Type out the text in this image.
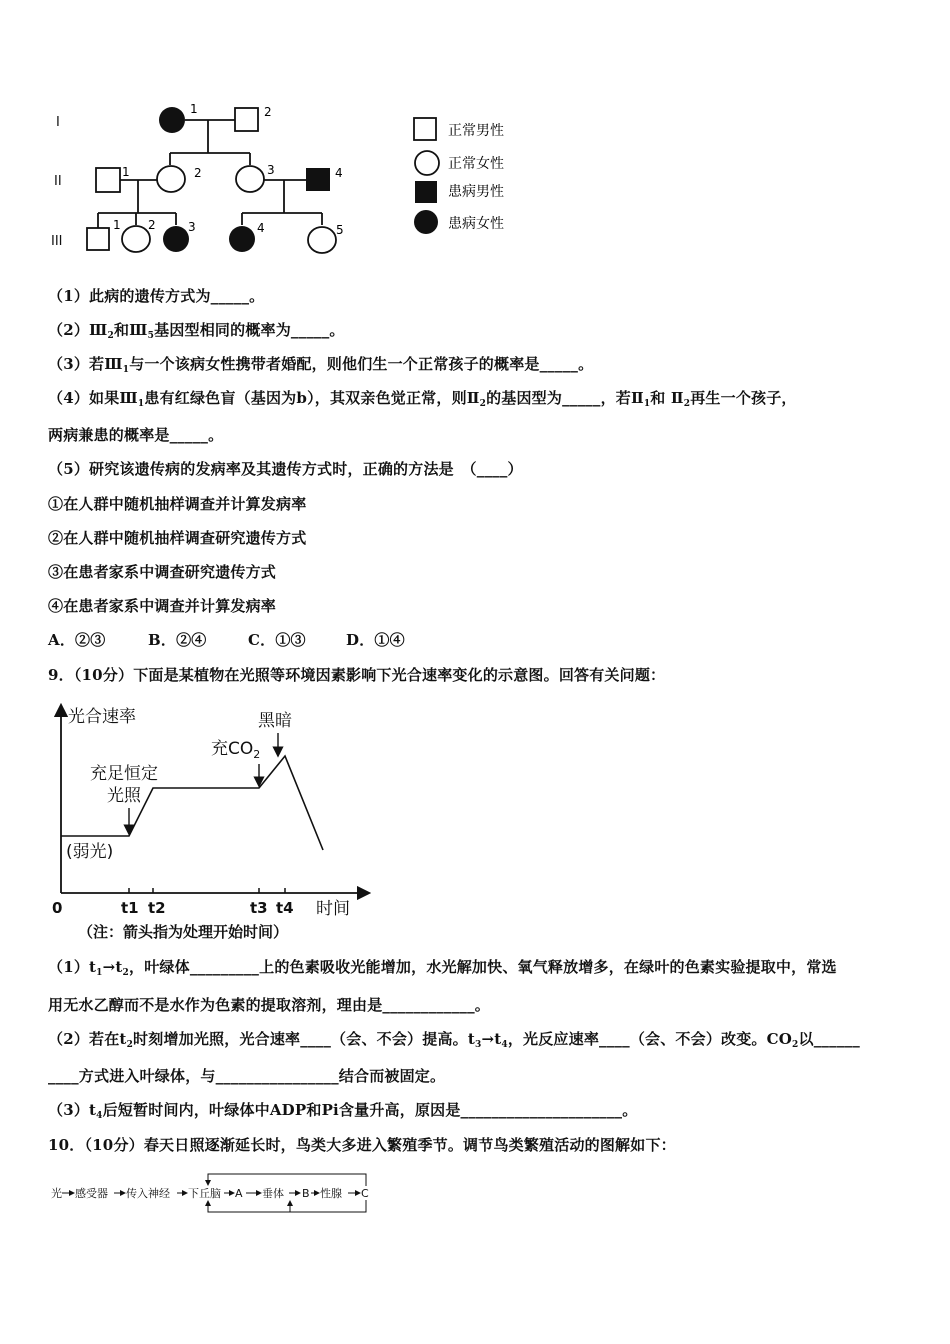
I
II
III
1	2
1	2	3	4
1 2	3	4	5
正常男性
正常女性
患病男性
患病女性
（1）此病的遗传方式为_____。
$(2)Ⅲ_2$和$Ⅲ_5$基因型相同的概率为_____。
（3）若$Ⅲ_1$与一个该病女性携带者婚配，则他们生一个正常孩子的概率是_____。
（4）如果$Ⅲ_1$患有红绿色盲（基因为b），其双亲色觉正常，则$Ⅱ_2$的基因型为_____，若$Ⅱ_1$和 $Ⅱ_2$再生一个孩子，
两病兼患的概率是_____。
（5）研究该遗传病的发病率及其遗传方式时，正确的方法是　（____）
①在人群中随机抽样调查并计算发病率
②在人群中随机抽样调查研究遗传方式
③在患者家系中调查研究遗传方式
④在患者家系中调查并计算发病率
A．②③	B．②④	C．①③	D．①④
9．（10分）下面是某植物在光照等环境因素影响下光合速率变化的示意图。回答有关问题：
光合速率
时间
0	t1 t2	t3 t4
黑暗
充$CO_2$
充足恒定
光照
(弱光)
（注：箭头指为处理开始时间）
$(1)t_1\to t_2$，叶绿体_________上的色素吸收光能增加，水光解加快、氧气释放增多，在绿叶的色素实验提取中，常选
用无水乙醇而不是水作为色素的提取溶剂，理由是____________。
（2）若在$t_2$时刻增加光照，光合速率____（会、不会）提高。$t_3\to t_4$，光反应速率____（会、不会）改变。$CO_2$以______
____方式进入叶绿体，与________________结合而被固定。
$(3)t_4$后短暂时间内，叶绿体中ADP和Pi含量升高，原因是_____________________。
10．（10分）春天日照逐渐延长时，鸟类大多进入繁殖季节。调节鸟类繁殖活动的图解如下：
光 感受器 传入神经 下丘脑 A 垂体 B 性腺 C
